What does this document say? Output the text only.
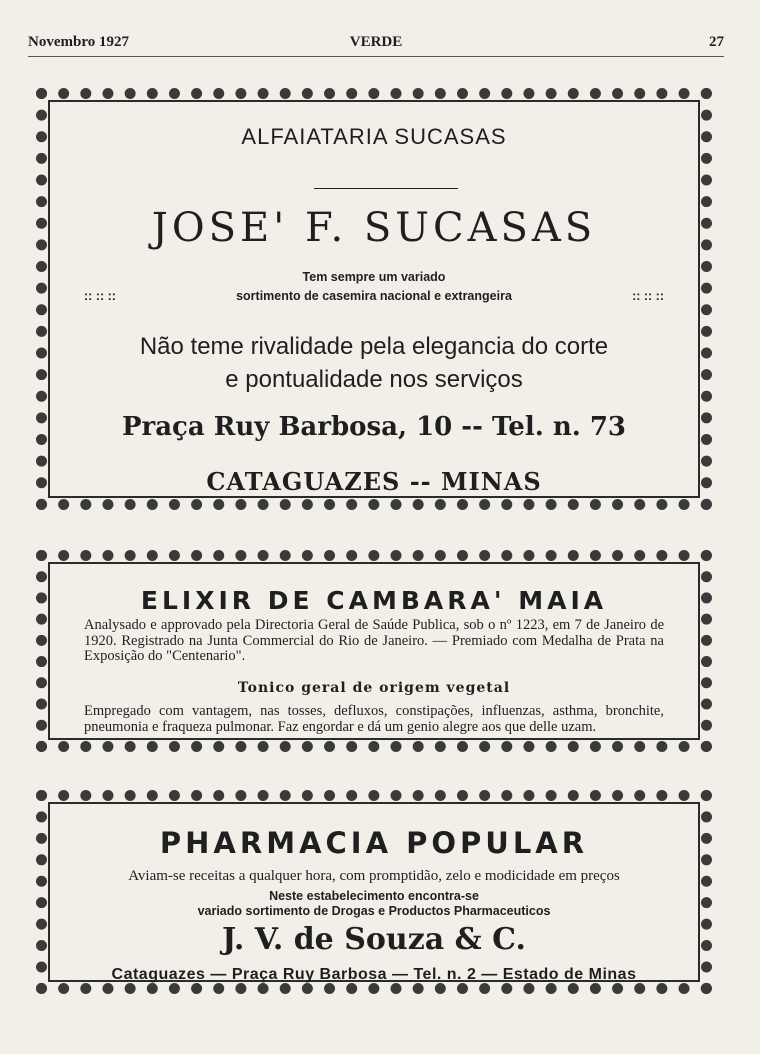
Novembro 1927	VERDE	27
ALFAIATARIA SUCASAS
JOSE' F. SUCASAS
Tem sempre um variado
:: :: ::	sortimento de casemira nacional e extrangeira	:: :: ::
Não teme rivalidade pela elegancia do corte
e pontualidade nos serviços
Praça Ruy Barbosa, 10 -- Tel. n. 73
CATAGUAZES -- MINAS
ELIXIR DE CAMBARA' MAIA
Analysado e approvado pela Directoria Geral de Saúde Publica, sob o nº 1223, em 7 de Janeiro de 1920. Registrado na Junta Commercial do Rio de Janeiro. — Premiado com Medalha de Prata na Exposição do "Centenario".
Tonico geral de origem vegetal
Empregado com vantagem, nas tosses, defluxos, constipações, influenzas, asthma, bronchite, pneumonia e fraqueza pulmonar. Faz engordar e dá um genio alegre aos que delle uzam.
PHARMACIA POPULAR
Aviam-se receitas a qualquer hora, com promptidão, zelo e modicidade em preços
Neste estabelecimento encontra-se
variado sortimento de Drogas e Productos Pharmaceuticos
J. V. de Souza & C.
Cataguazes — Praça Ruy Barbosa — Tel. n. 2 — Estado de Minas
